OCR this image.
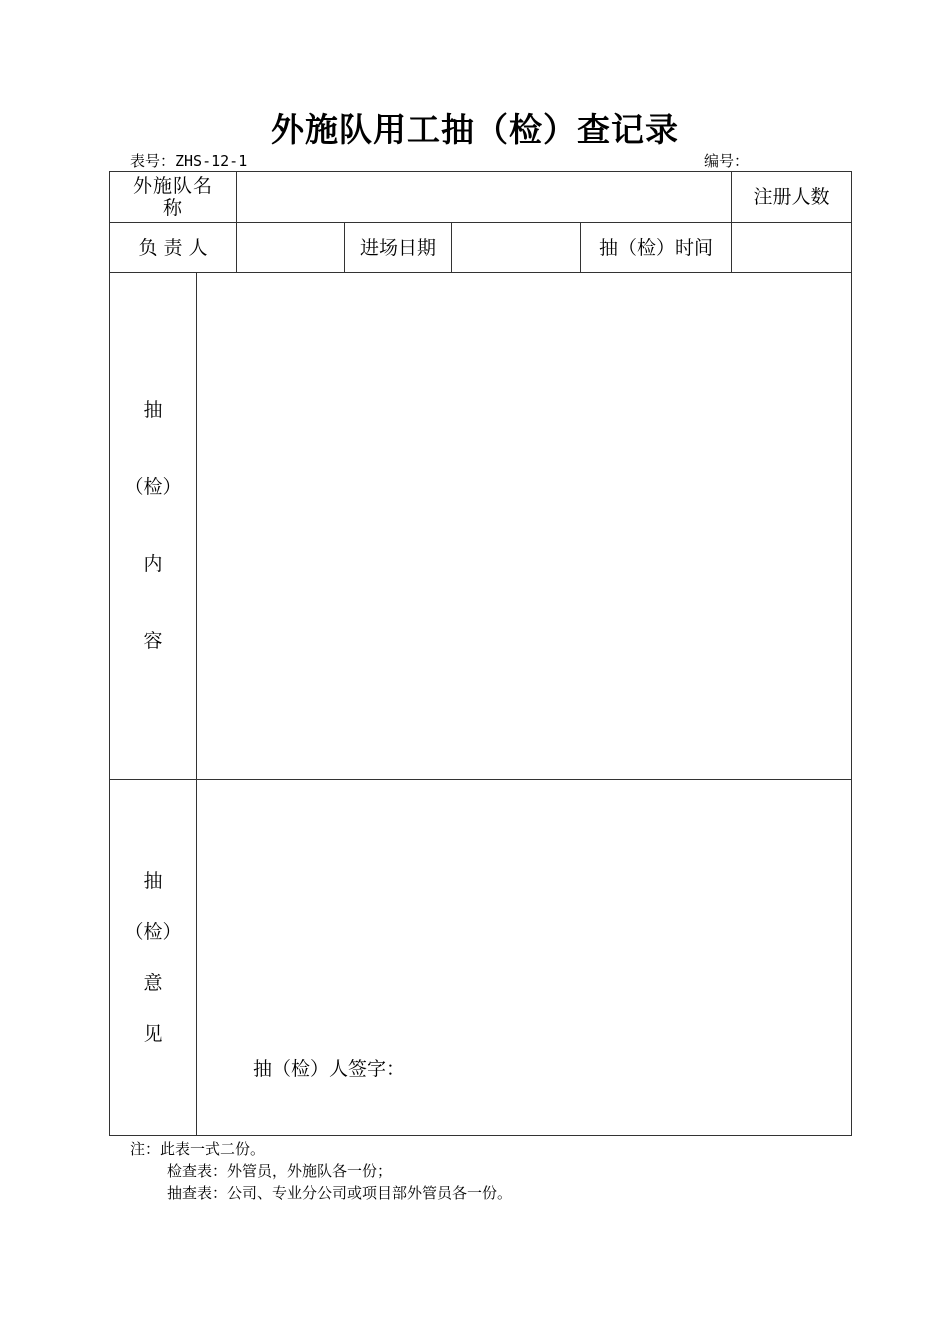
外施队用工抽（检）查记录
表号：ZHS-12-1	编号：
外施队名称						注册人数	
负 责 人			进场日期		抽（检）时间		

抽
（检）
内
容							

抽
（检）
意
见	抽（检）人签字：						
注：此表一式二份。
检查表：外管员，外施队各一份；
抽查表：公司、专业分公司或项目部外管员各一份。
